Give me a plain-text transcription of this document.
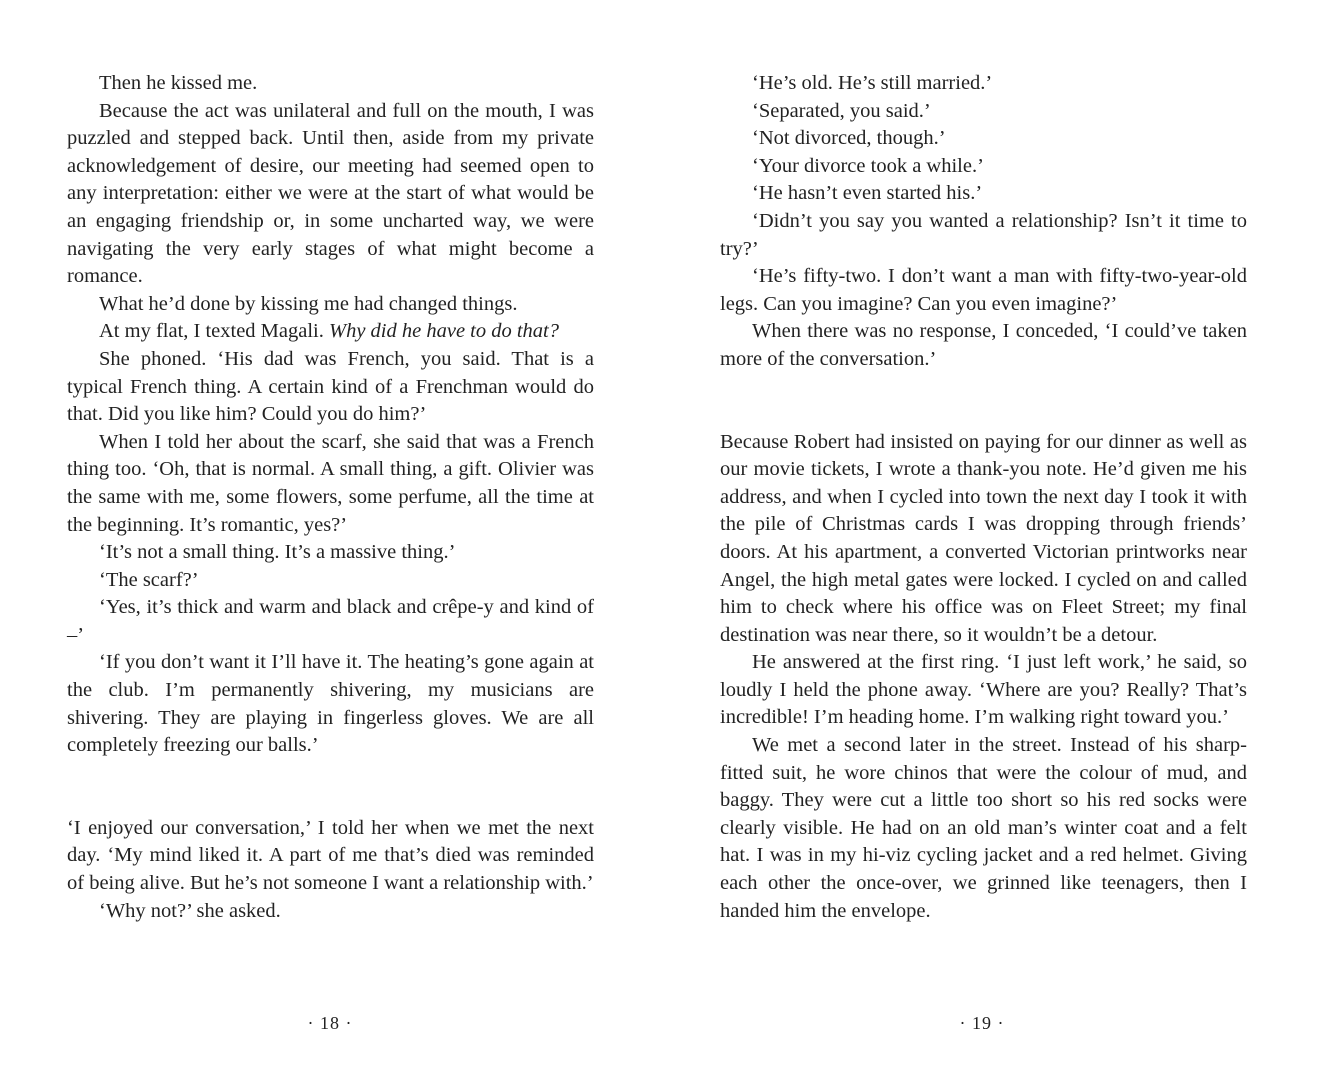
Then he kissed me.

Because the act was unilateral and full on the mouth, I was puzzled and stepped back. Until then, aside from my private acknowledgement of desire, our meeting had seemed open to any interpretation: either we were at the start of what would be an engaging friendship or, in some uncharted way, we were navigating the very early stages of what might become a romance.

What he’d done by kissing me had changed things.

At my flat, I texted Magali. Why did he have to do that?

She phoned. ‘His dad was French, you said. That is a typical French thing. A certain kind of a Frenchman would do that. Did you like him? Could you do him?’

When I told her about the scarf, she said that was a French thing too. ‘Oh, that is normal. A small thing, a gift. Olivier was the same with me, some flowers, some perfume, all the time at the beginning. It’s romantic, yes?’

‘It’s not a small thing. It’s a massive thing.’

‘The scarf?’

‘Yes, it’s thick and warm and black and crêpe-y and kind of –’

‘If you don’t want it I’ll have it. The heating’s gone again at the club. I’m permanently shivering, my musicians are shivering. They are playing in fingerless gloves. We are all completely freezing our balls.’

‘I enjoyed our conversation,’ I told her when we met the next day. ‘My mind liked it. A part of me that’s died was reminded of being alive. But he’s not someone I want a relationship with.’

‘Why not?’ she asked.

‘He’s old. He’s still married.’

‘Separated, you said.’

‘Not divorced, though.’

‘Your divorce took a while.’

‘He hasn’t even started his.’

‘Didn’t you say you wanted a relationship? Isn’t it time to try?’

‘He’s fifty-two. I don’t want a man with fifty-two-year-old legs. Can you imagine? Can you even imagine?’

When there was no response, I conceded, ‘I could’ve taken more of the conversation.’

Because Robert had insisted on paying for our dinner as well as our movie tickets, I wrote a thank-you note. He’d given me his address, and when I cycled into town the next day I took it with the pile of Christmas cards I was dropping through friends’ doors. At his apartment, a converted Victorian printworks near Angel, the high metal gates were locked. I cycled on and called him to check where his office was on Fleet Street; my final destination was near there, so it wouldn’t be a detour.

He answered at the first ring. ‘I just left work,’ he said, so loudly I held the phone away. ‘Where are you? Really? That’s incredible! I’m heading home. I’m walking right toward you.’

We met a second later in the street. Instead of his sharp-fitted suit, he wore chinos that were the colour of mud, and baggy. They were cut a little too short so his red socks were clearly visible. He had on an old man’s winter coat and a felt hat. I was in my hi-viz cycling jacket and a red helmet. Giving each other the once-over, we grinned like teenagers, then I handed him the envelope.

· 18 ·	· 19 ·
